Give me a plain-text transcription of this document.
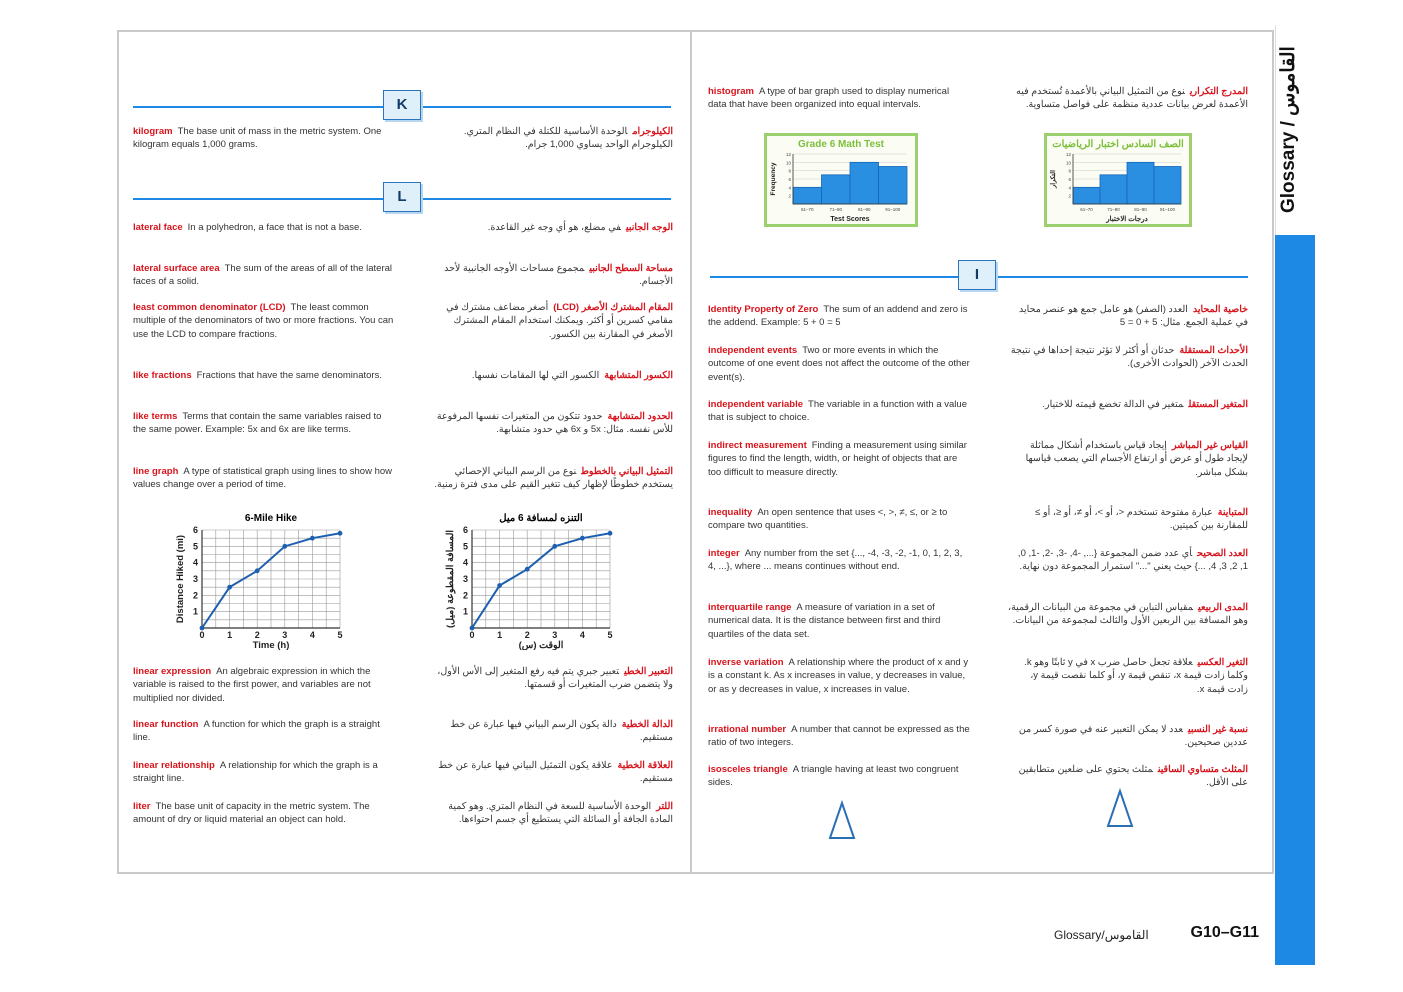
K
kilogram The base unit of mass in the metric system. One kilogram equals 1,000 grams.
الكيلوجرامالوحدة الأساسية للكتلة في النظام المتري. الكيلوجرام الواحد يساوي 1,000 جرام.
L
lateral face In a polyhedron, a face that is not a base.	الوجه الجانبيفي مضلع، هو أي وجه غير القاعدة.
lateral surface area The sum of the areas of all of the lateral faces of a solid.
مساحة السطح الجانبيمجموع مساحات الأوجه الجانبية لأحد الأجسام.
least common denominator (LCD) The least common multiple of the denominators of two or more fractions. You can use the LCD to compare fractions.
المقام المشترك الأصغر (LCD)أصغر مضاعف مشترك في مقامي كسرين أو أكثر. ويمكنك استخدام المقام المشترك الأصغر في المقارنة بين الكسور.
like fractions Fractions that have the same denominators.	الكسور المتشابهةالكسور التي لها المقامات نفسها.
like terms Terms that contain the same variables raised to the same power. Example: 5x and 6x are like terms.
الحدود المتشابهةحدود تتكون من المتغيرات نفسها المرفوعة للأس نفسه. مثال: 5x و 6x هي حدود متشابهة.
line graph A type of statistical graph using lines to show how values change over a period of time.
التمثيل البياني بالخطوطنوع من الرسم البياني الإحصائي يستخدم خطوطًا لإظهار كيف تتغير القيم على مدى فترة زمنية.
6-Mile Hike
0	1	2	3	4	5
1
2
3
4
5
6
Time (h)
Distance Hiked (mi)
التنزه لمسافة 6 ميل
0	1	2	3	4	5
1
2
3
4
5
6
الوقت (س)
المسافة المقطوعة (ميل)
linear expression An algebraic expression in which the variable is raised to the first power, and variables are not multiplied nor divided.
التعبير الخطيتعبير جبري يتم فيه رفع المتغير إلى الأس الأول، ولا يتضمن ضرب المتغيرات أو قسمتها.
linear function A function for which the graph is a straight line.
الدالة الخطيةدالة يكون الرسم البياني فيها عبارة عن خط مستقيم.
linear relationship A relationship for which the graph is a straight line.
العلاقة الخطيةعلاقة يكون التمثيل البياني فيها عبارة عن خط مستقيم.
liter The base unit of capacity in the metric system. The amount of dry or liquid material an object can hold.
اللترالوحدة الأساسية للسعة في النظام المتري. وهو كمية المادة الجافة أو السائلة التي يستطيع أي جسم احتواءها.
histogram A type of bar graph used to display numerical data that have been organized into equal intervals.
المدرج التكرارينوع من التمثيل البياني بالأعمدة تُستخدم فيه الأعمدة لعرض بيانات عددية منظمة على فواصل متساوية.
Grade 6 Math Test
2
4
6
8
10
12
61–70	71–80	81–90	91–100
Test Scores
Frequency
الصف السادس اختبار الرياضيات
2
4
6
8
10
12
61–70	71–80	81–90	91–100
درجات الاختبار
التكرار
I
Identity Property of Zero The sum of an addend and zero is the addend. Example: 5 + 0 = 5
خاصية المحايدالعدد (الصفر) هو عامل جمع هو عنصر محايد في عملية الجمع. مثال: 5 + 0 = 5
independent events Two or more events in which the outcome of one event does not affect the outcome of the other event(s).
الأحداث المستقلةحدثان أو أكثر لا تؤثر نتيجة إحداها في نتيجة الحدث الآخر (الحوادث الأخرى).
independent variable The variable in a function with a value that is subject to choice.
المتغير المستقلمتغير في الدالة تخضع قيمته للاختيار.
indirect measurement Finding a measurement using similar figures to find the length, width, or height of objects that are too difficult to measure directly.
القياس غير المباشرإيجاد قياس باستخدام أشكال مماثلة لإيجاد طول أو عرض أو ارتفاع الأجسام التي يصعب قياسها بشكل مباشر.
inequality An open sentence that uses <, >, ≠, ≤, or ≥ to compare two quantities.
المتباينةعبارة مفتوحة تستخدم <، أو >، أو ≠، أو ≤، أو ≥ للمقارنة بين كميتين.
integer Any number from the set {..., -4, -3, -2, -1, 0, 1, 2, 3, 4, ...}, where ... means continues without end.
العدد الصحيحأي عدد ضمن المجموعة {..., -4, -3, -2, -1, 0, 1, 2, 3, 4, ...} حيث يعني "..." استمرار المجموعة دون نهاية.
interquartile range A measure of variation in a set of numerical data. It is the distance between first and third quartiles of the data set.
المدى الربيعيمقياس التباين في مجموعة من البيانات الرقمية، وهو المسافة بين الربعين الأول والثالث لمجموعة من البيانات.
inverse variation A relationship where the product of x and y is a constant k. As x increases in value, y decreases in value, or as y decreases in value, x increases in value.
التغير العكسيعلاقة تجعل حاصل ضرب x في y ثابتًا وهو k. وكلما زادت قيمة x، تنقص قيمة y، أو كلما نقصت قيمة y، زادت قيمة x.
irrational number A number that cannot be expressed as the ratio of two integers.
نسبة غير النسبيعدد لا يمكن التعبير عنه في صورة كسر من عددين صحيحين.
isosceles triangle A triangle having at least two congruent sides.
المثلث متساوي الساقينمثلث يحتوي على ضلعين متطابقين على الأقل.
Glossary / القاموس
Glossary/القاموس	G10–G11
